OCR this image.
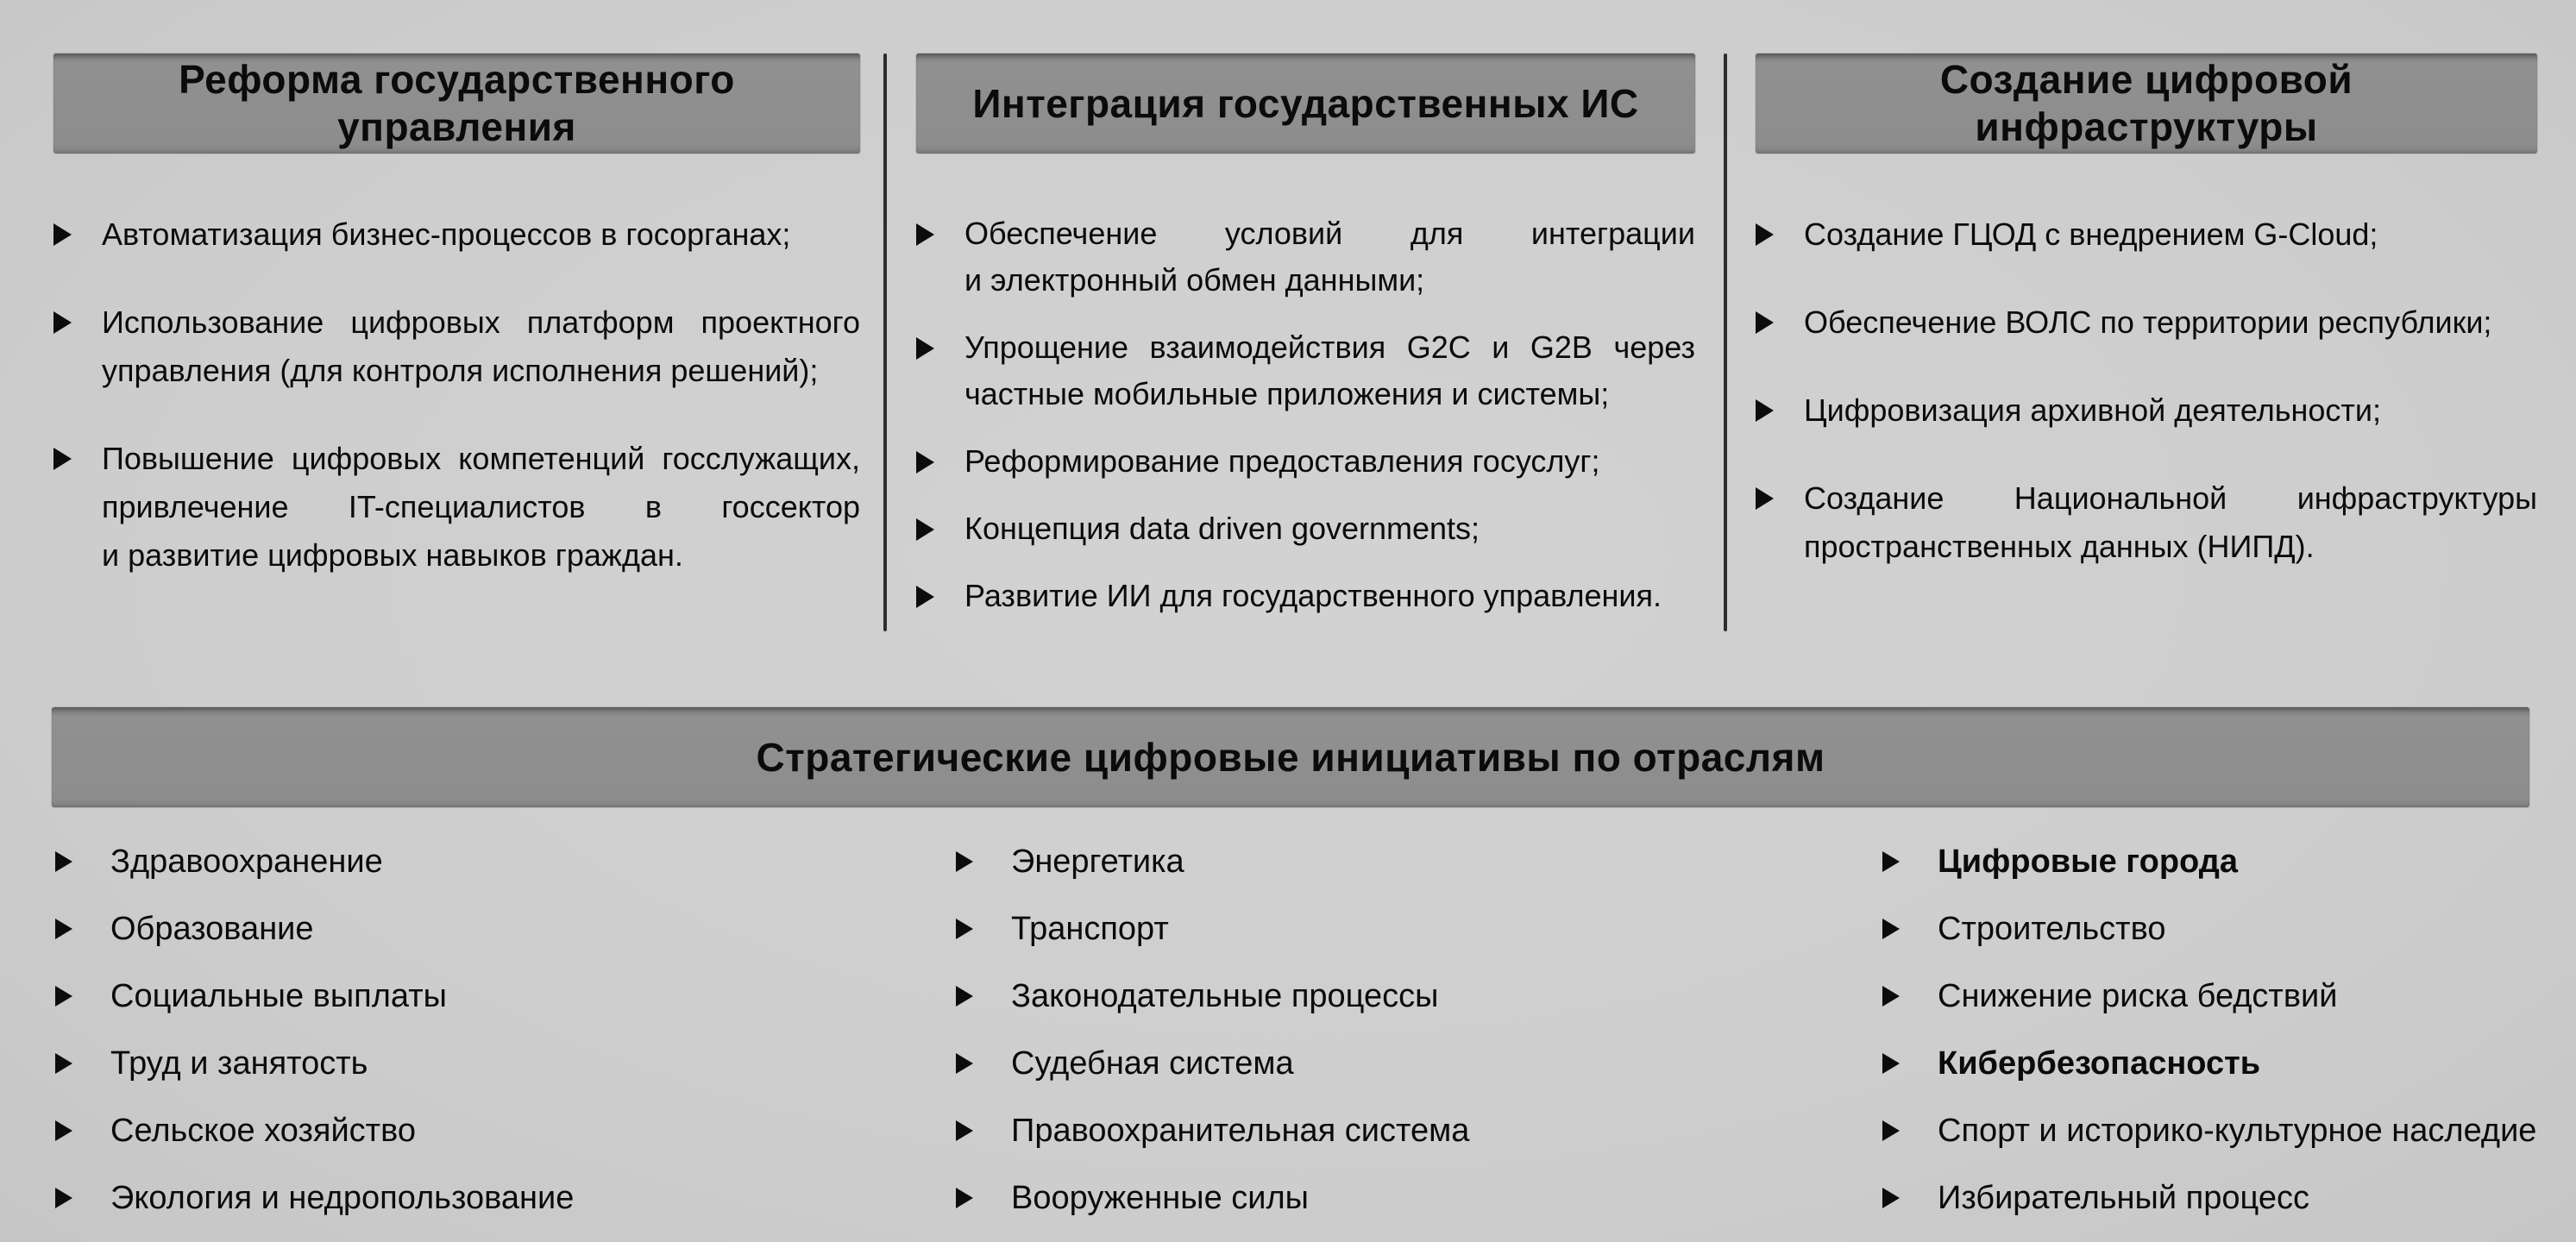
Реформа государственного
управления
Автоматизация бизнес-процессов в госорганах;
Использование цифровых платформ проектного
управления (для контроля исполнения решений);
Повышение цифровых компетенций госслужащих,
привлечение IT-специалистов в госсектор
и развитие цифровых навыков граждан.
Интеграция государственных ИС
Обеспечение условий для интеграции
и электронный обмен данными;
Упрощение взаимодействия G2C и G2B через
частные мобильные приложения и системы;
Реформирование предоставления госуслуг;
Концепция data driven governments;
Развитие ИИ для государственного управления.
Создание цифровой
инфраструктуры
Создание ГЦОД с внедрением G-Cloud;
Обеспечение ВОЛС по территории республики;
Цифровизация архивной деятельности;
Создание Национальной инфраструктуры
пространственных данных (НИПД).
Стратегические цифровые инициативы по отраслям
Здравоохранение
Образование
Социальные выплаты
Труд и занятость
Сельское хозяйство
Экология и недропользование
Энергетика
Транспорт
Законодательные процессы
Судебная система
Правоохранительная система
Вооруженные силы
Цифровые города
Строительство
Снижение риска бедствий
Кибербезопасность
Спорт и историко-культурное наследие
Избирательный процесс
